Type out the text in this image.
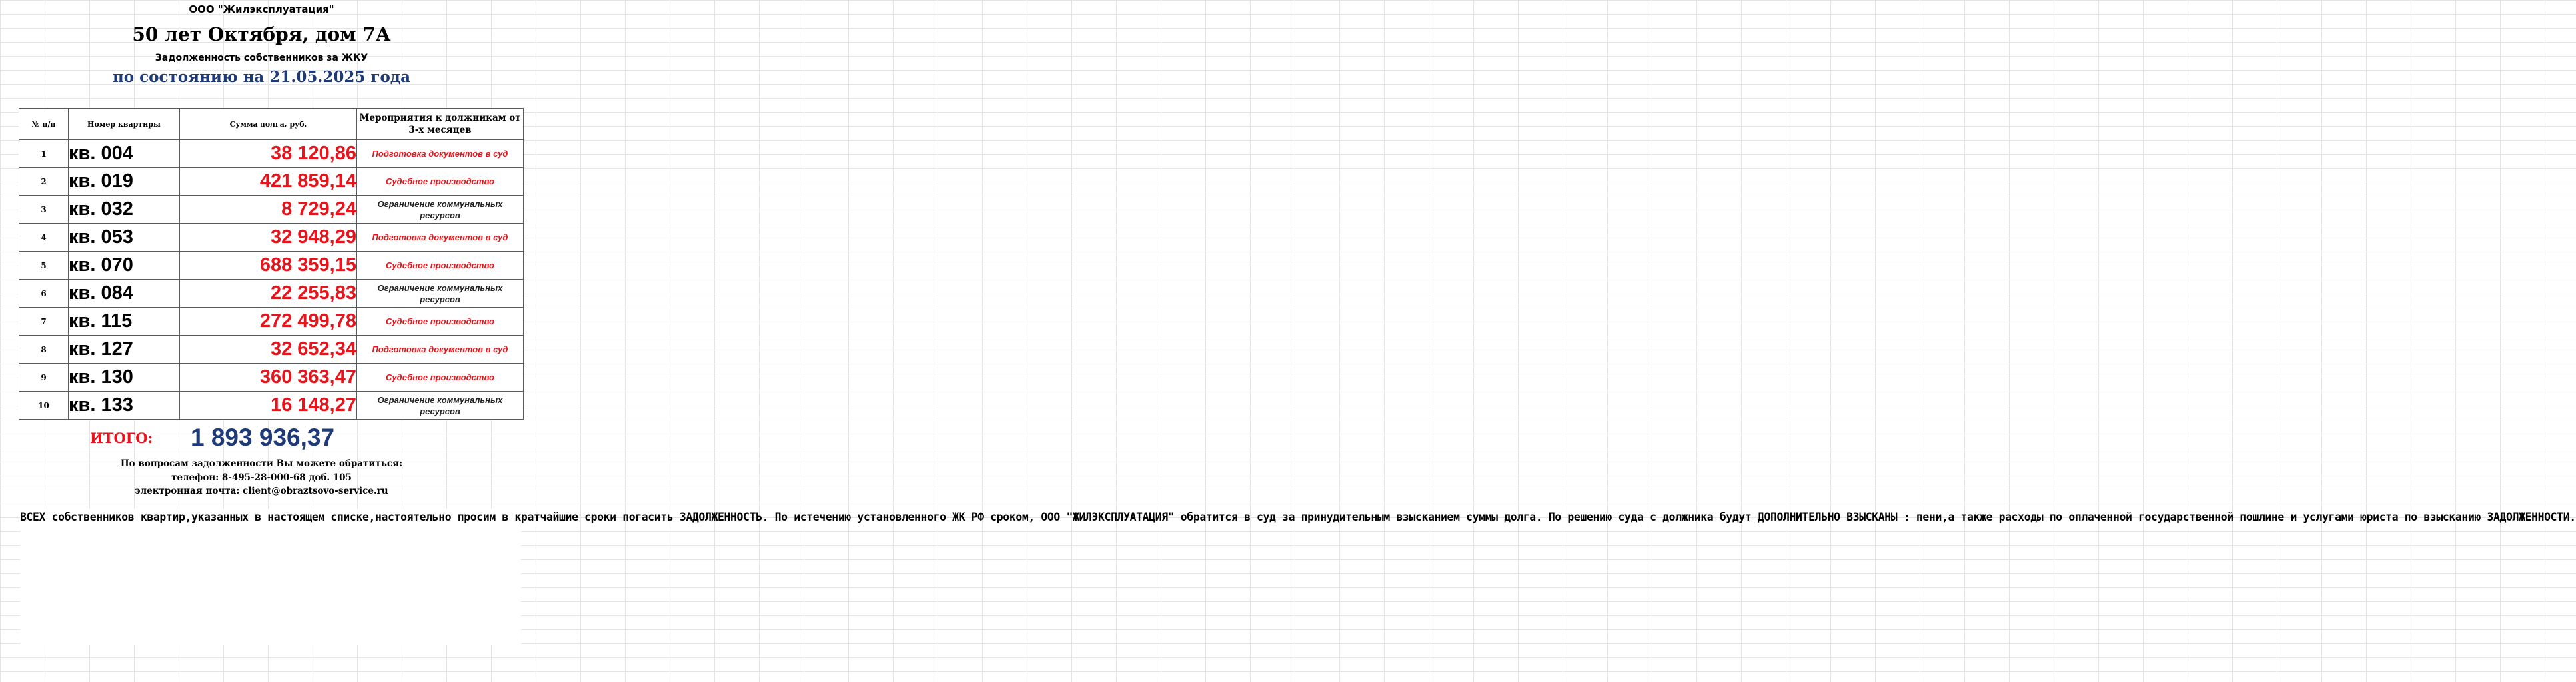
ООО "Жилэксплуатация"
50 лет Октября, дом 7А
Задолженность собственников за ЖКУ
по состоянию на 21.05.2025 года
№ п/п	Номер квартиры	Сумма долга, руб.	Мероприятия к должникам от 3-х месяцев

1	кв. 004	38 120,86	Подготовка документов в суд
2	кв. 019	421 859,14	Судебное производство
3	кв. 032	8 729,24	Ограничение коммунальных ресурсов
4	кв. 053	32 948,29	Подготовка документов в суд
5	кв. 070	688 359,15	Судебное производство
6	кв. 084	22 255,83	Ограничение коммунальных ресурсов
7	кв. 115	272 499,78	Судебное производство
8	кв. 127	32 652,34	Подготовка документов в суд
9	кв. 130	360 363,47	Судебное производство
10	кв. 133	16 148,27	Ограничение коммунальных ресурсов
ИТОГО: 1 893 936,37
По вопросам задолженности Вы можете обратиться:
телефон: 8-495-28-000-68 доб. 105
электронная почта: client@obraztsovo-service.ru
ВСЕХ собственников квартир,указанных в настоящем списке,настоятельно просим в кратчайшие сроки погасить ЗАДОЛЖЕННОСТЬ. По истечению установленного ЖК РФ сроком, ООО "ЖИЛЭКСПЛУАТАЦИЯ" обратится в суд за принудительным взысканием суммы долга. По решению суда с должника будут ДОПОЛНИТЕЛЬНО ВЗЫСКАНЫ : пени,а также расходы по оплаченной государственной пошлине и услугами юриста по взысканию ЗАДОЛЖЕННОСТИ.
